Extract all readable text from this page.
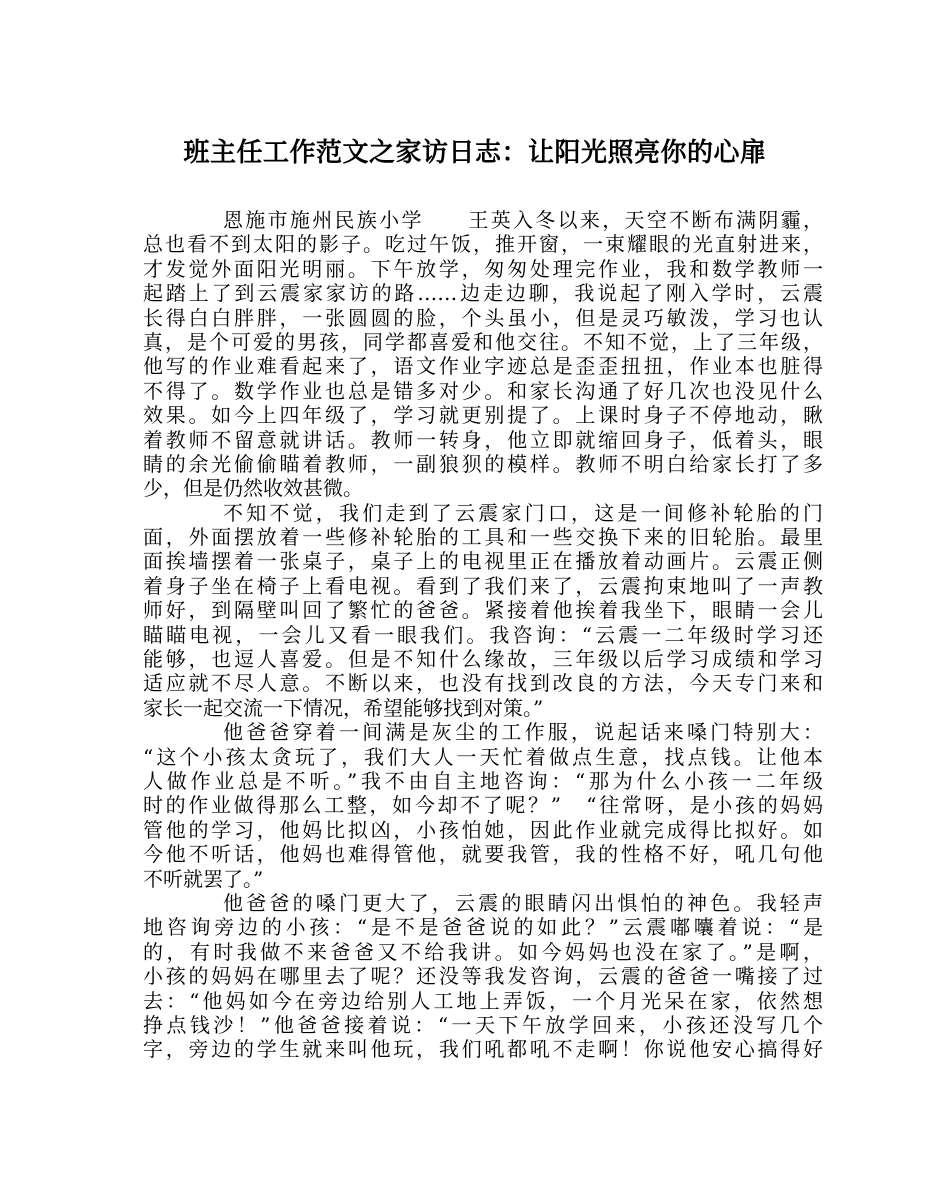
班主任工作范文之家访日志：让阳光照亮你的心扉
恩施市施州民族小学　　王英入冬以来，天空不断布满阴霾，
总也看不到太阳的影子。吃过午饭，推开窗，一束耀眼的光直射进来，
才发觉外面阳光明丽。下午放学，匆匆处理完作业，我和数学教师一
起踏上了到云震家家访的路……边走边聊，我说起了刚入学时，云震
长得白白胖胖，一张圆圆的脸，个头虽小，但是灵巧敏泼，学习也认
真，是个可爱的男孩，同学都喜爱和他交往。不知不觉，上了三年级，
他写的作业难看起来了，语文作业字迹总是歪歪扭扭，作业本也脏得
不得了。数学作业也总是错多对少。和家长沟通了好几次也没见什么
效果。如今上四年级了，学习就更别提了。上课时身子不停地动，瞅
着教师不留意就讲话。教师一转身，他立即就缩回身子，低着头，眼
睛的余光偷偷瞄着教师，一副狼狈的模样。教师不明白给家长打了多
少，但是仍然收效甚微。
不知不觉，我们走到了云震家门口，这是一间修补轮胎的门
面，外面摆放着一些修补轮胎的工具和一些交换下来的旧轮胎。最里
面挨墙摆着一张桌子，桌子上的电视里正在播放着动画片。云震正侧
着身子坐在椅子上看电视。看到了我们来了，云震拘束地叫了一声教
师好，到隔壁叫回了繁忙的爸爸。紧接着他挨着我坐下，眼睛一会儿
瞄瞄电视，一会儿又看一眼我们。我咨询：“云震一二年级时学习还
能够，也逗人喜爱。但是不知什么缘故，三年级以后学习成绩和学习
适应就不尽人意。不断以来，也没有找到改良的方法，今天专门来和
家长一起交流一下情况，希望能够找到对策。”
他爸爸穿着一间满是灰尘的工作服，说起话来嗓门特别大：
“这个小孩太贪玩了，我们大人一天忙着做点生意，找点钱。让他本
人做作业总是不听。”我不由自主地咨询：“那为什么小孩一二年级
时的作业做得那么工整，如今却不了呢？”　“往常呀，是小孩的妈妈
管他的学习，他妈比拟凶，小孩怕她，因此作业就完成得比拟好。如
今他不听话，他妈也难得管他，就要我管，我的性格不好，吼几句他
不听就罢了。”
他爸爸的嗓门更大了，云震的眼睛闪出惧怕的神色。我轻声
地咨询旁边的小孩：“是不是爸爸说的如此？”云震嘟囔着说：“是
的，有时我做不来爸爸又不给我讲。如今妈妈也没在家了。”是啊，
小孩的妈妈在哪里去了呢？还没等我发咨询，云震的爸爸一嘴接了过
去：“他妈如今在旁边给别人工地上弄饭，一个月光呆在家，依然想
挣点钱沙！”他爸爸接着说：“一天下午放学回来，小孩还没写几个
字，旁边的学生就来叫他玩，我们吼都吼不走啊！你说他安心搞得好
